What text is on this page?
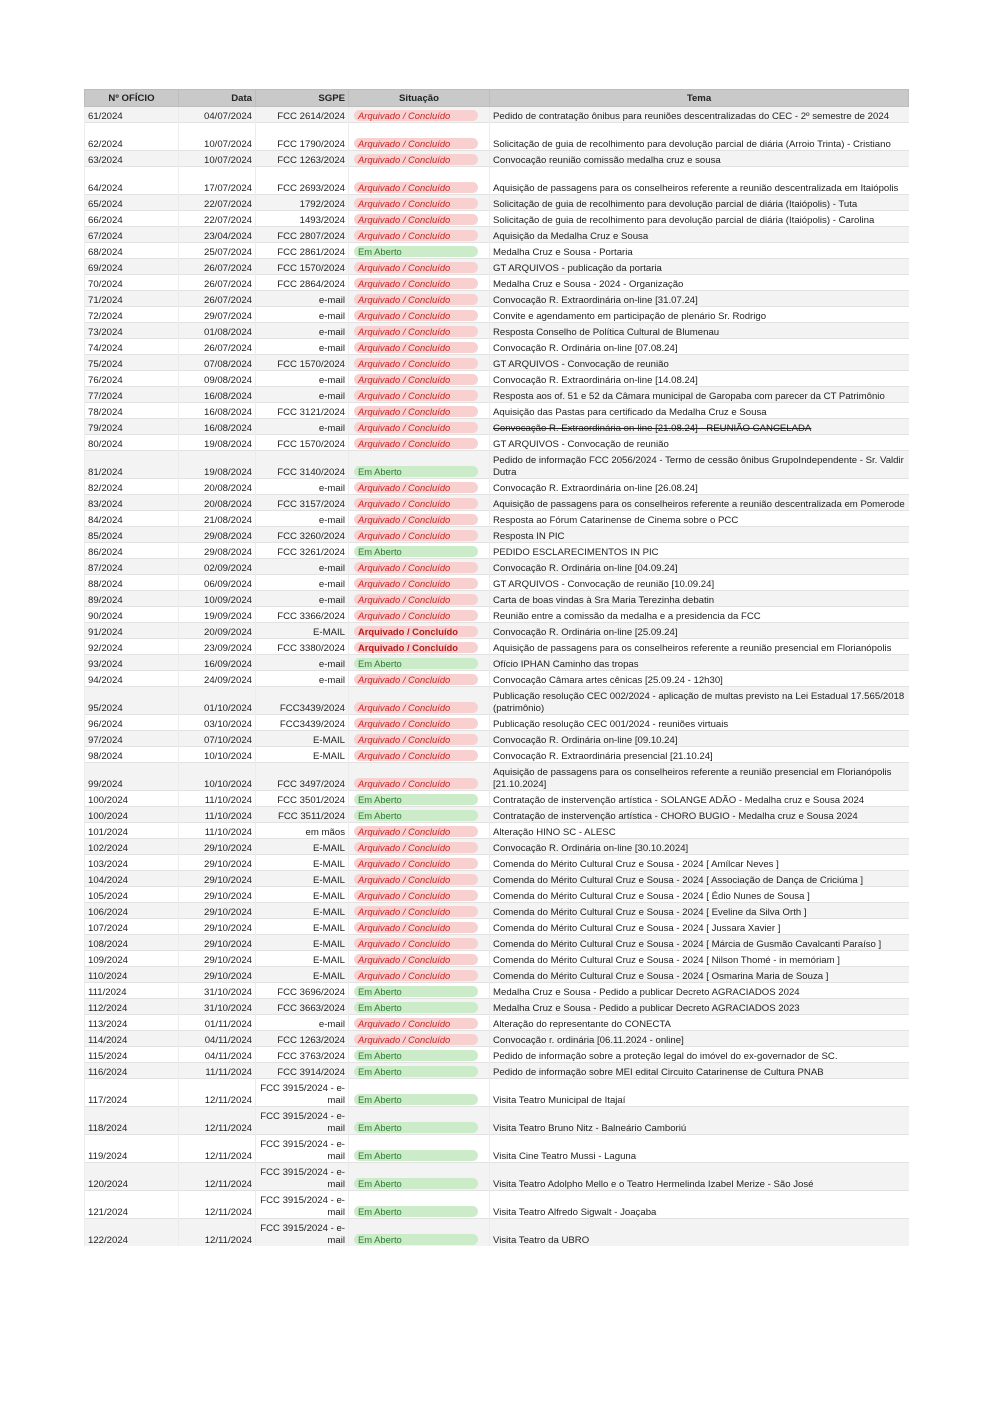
Nº OFÍCIO	Data	SGPE	Situação	Tema
61/2024	04/07/2024	FCC 2614/2024	Arquivado / Concluído	Pedido de contratação ônibus para reuniões descentralizadas do CEC - 2º semestre de 2024
62/2024	10/07/2024	FCC 1790/2024	Arquivado / Concluído	Solicitação de guia de recolhimento para devolução parcial de diária (Arroio Trinta) - Cristiano
63/2024	10/07/2024	FCC 1263/2024	Arquivado / Concluído	Convocação reunião comissão medalha cruz e sousa
64/2024	17/07/2024	FCC 2693/2024	Arquivado / Concluído	Aquisição de passagens para os conselheiros referente a reunião descentralizada em Itaiópolis
65/2024	22/07/2024	1792/2024	Arquivado / Concluído	Solicitação de guia de recolhimento para devolução parcial de diária (Itaiópolis) - Tuta
66/2024	22/07/2024	1493/2024	Arquivado / Concluído	Solicitação de guia de recolhimento para devolução parcial de diária (Itaiópolis) - Carolina
67/2024	23/04/2024	FCC 2807/2024	Arquivado / Concluído	Aquisição da Medalha Cruz e Sousa
68/2024	25/07/2024	FCC 2861/2024	Em Aberto	Medalha Cruz e Sousa - Portaria
69/2024	26/07/2024	FCC 1570/2024	Arquivado / Concluído	GT ARQUIVOS - publicação da portaria
70/2024	26/07/2024	FCC 2864/2024	Arquivado / Concluído	Medalha Cruz e Sousa - 2024 - Organização
71/2024	26/07/2024	e-mail	Arquivado / Concluído	Convocação R. Extraordinária on-line [31.07.24]
72/2024	29/07/2024	e-mail	Arquivado / Concluído	Convite e agendamento em participação de plenário Sr. Rodrigo
73/2024	01/08/2024	e-mail	Arquivado / Concluído	Resposta Conselho de Política Cultural de Blumenau
74/2024	26/07/2024	e-mail	Arquivado / Concluído	Convocação R. Ordinária on-line [07.08.24]
75/2024	07/08/2024	FCC 1570/2024	Arquivado / Concluído	GT ARQUIVOS - Convocação de reunião
76/2024	09/08/2024	e-mail	Arquivado / Concluído	Convocação R. Extraordinária on-line [14.08.24]
77/2024	16/08/2024	e-mail	Arquivado / Concluído	Resposta aos of. 51 e 52 da Câmara municipal de Garopaba com parecer da CT Patrimônio
78/2024	16/08/2024	FCC 3121/2024	Arquivado / Concluído	Aquisição das Pastas para certificado da Medalha Cruz e Sousa
79/2024	16/08/2024	e-mail	Arquivado / Concluído	Convocação R. Extraordinária on-line [21.08.24] - REUNIÃO CANCELADA
80/2024	19/08/2024	FCC 1570/2024	Arquivado / Concluído	GT ARQUIVOS - Convocação de reunião
81/2024	19/08/2024	FCC 3140/2024	Em Aberto	Pedido de informação FCC 2056/2024 - Termo de cessão ônibus GrupoIndependente - Sr. Valdir Dutra
82/2024	20/08/2024	e-mail	Arquivado / Concluído	Convocação R. Extraordinária on-line [26.08.24]
83/2024	20/08/2024	FCC 3157/2024	Arquivado / Concluído	Aquisição de passagens para os conselheiros referente a reunião descentralizada em Pomerode
84/2024	21/08/2024	e-mail	Arquivado / Concluído	Resposta ao Fórum Catarinense de Cinema sobre o PCC
85/2024	29/08/2024	FCC 3260/2024	Arquivado / Concluído	Resposta IN PIC
86/2024	29/08/2024	FCC 3261/2024	Em Aberto	PEDIDO ESCLARECIMENTOS IN PIC
87/2024	02/09/2024	e-mail	Arquivado / Concluído	Convocação R. Ordinária on-line [04.09.24]
88/2024	06/09/2024	e-mail	Arquivado / Concluído	GT ARQUIVOS - Convocação de reunião [10.09.24]
89/2024	10/09/2024	e-mail	Arquivado / Concluído	Carta de boas vindas à Sra Maria Terezinha debatin
90/2024	19/09/2024	FCC 3366/2024	Arquivado / Concluído	Reunião entre a comissão da medalha e a presidencia da FCC
91/2024	20/09/2024	E-MAIL	Arquivado / Concluído	Convocação R. Ordinária on-line [25.09.24]
92/2024	23/09/2024	FCC 3380/2024	Arquivado / Concluído	Aquisição de passagens para os conselheiros referente a reunião presencial em Florianópolis
93/2024	16/09/2024	e-mail	Em Aberto	Ofício IPHAN Caminho das tropas
94/2024	24/09/2024	e-mail	Arquivado / Concluído	Convocação Câmara artes cênicas [25.09.24 - 12h30]
95/2024	01/10/2024	FCC3439/2024	Arquivado / Concluído	Publicação resolução CEC 002/2024 - aplicação de multas previsto na Lei Estadual 17.565/2018 (patrimônio)
96/2024	03/10/2024	FCC3439/2024	Arquivado / Concluído	Publicação resolução CEC 001/2024 - reuniões virtuais
97/2024	07/10/2024	E-MAIL	Arquivado / Concluído	Convocação R. Ordinária on-line [09.10.24]
98/2024	10/10/2024	E-MAIL	Arquivado / Concluído	Convocação R. Extraordinária presencial [21.10.24]
99/2024	10/10/2024	FCC 3497/2024	Arquivado / Concluído	Aquisição de passagens para os conselheiros referente a reunião presencial em Florianópolis [21.10.2024]
100/2024	11/10/2024	FCC 3501/2024	Em Aberto	Contratação de instervenção artística - SOLANGE ADÃO - Medalha cruz e Sousa 2024
100/2024	11/10/2024	FCC 3511/2024	Em Aberto	Contratação de instervenção artística - CHORO BUGIO - Medalha cruz e Sousa 2024
101/2024	11/10/2024	em mãos	Arquivado / Concluído	Alteração HINO SC - ALESC
102/2024	29/10/2024	E-MAIL	Arquivado / Concluído	Convocação R. Ordinária on-line [30.10.2024]
103/2024	29/10/2024	E-MAIL	Arquivado / Concluído	Comenda do Mérito Cultural Cruz e Sousa - 2024 [ Amílcar Neves ]
104/2024	29/10/2024	E-MAIL	Arquivado / Concluído	Comenda do Mérito Cultural Cruz e Sousa - 2024 [ Associação de Dança de Criciúma ]
105/2024	29/10/2024	E-MAIL	Arquivado / Concluído	Comenda do Mérito Cultural Cruz e Sousa - 2024 [ Édio Nunes de Sousa ]
106/2024	29/10/2024	E-MAIL	Arquivado / Concluído	Comenda do Mérito Cultural Cruz e Sousa - 2024 [ Eveline da Silva Orth ]
107/2024	29/10/2024	E-MAIL	Arquivado / Concluído	Comenda do Mérito Cultural Cruz e Sousa - 2024 [ Jussara Xavier ]
108/2024	29/10/2024	E-MAIL	Arquivado / Concluído	Comenda do Mérito Cultural Cruz e Sousa - 2024 [ Márcia de Gusmão Cavalcanti Paraíso ]
109/2024	29/10/2024	E-MAIL	Arquivado / Concluído	Comenda do Mérito Cultural Cruz e Sousa - 2024 [ Nilson Thomé - in memóriam ]
110/2024	29/10/2024	E-MAIL	Arquivado / Concluído	Comenda do Mérito Cultural Cruz e Sousa - 2024 [ Osmarina Maria de Souza ]
111/2024	31/10/2024	FCC 3696/2024	Em Aberto	Medalha Cruz e Sousa - Pedido a publicar Decreto AGRACIADOS 2024
112/2024	31/10/2024	FCC 3663/2024	Em Aberto	Medalha Cruz e Sousa - Pedido a publicar Decreto AGRACIADOS 2023
113/2024	01/11/2024	e-mail	Arquivado / Concluído	Alteração do representante do CONECTA
114/2024	04/11/2024	FCC 1263/2024	Arquivado / Concluído	Convocação r. ordinária [06.11.2024 - online]
115/2024	04/11/2024	FCC 3763/2024	Em Aberto	Pedido de informação sobre a proteção legal do imóvel do ex-governador de SC.
116/2024	11/11/2024	FCC 3914/2024	Em Aberto	Pedido de informação sobre MEI edital Circuito Catarinense de Cultura PNAB
117/2024	12/11/2024	FCC 3915/2024 - e-mail	Em Aberto	Visita Teatro Municipal de Itajaí
118/2024	12/11/2024	FCC 3915/2024 - e-mail	Em Aberto	Visita Teatro Bruno Nitz - Balneário Camboriú
119/2024	12/11/2024	FCC 3915/2024 - e-mail	Em Aberto	Visita Cine Teatro Mussi - Laguna
120/2024	12/11/2024	FCC 3915/2024 - e-mail	Em Aberto	Visita Teatro Adolpho Mello e o Teatro Hermelinda Izabel Merize - São José
121/2024	12/11/2024	FCC 3915/2024 - e-mail	Em Aberto	Visita Teatro Alfredo Sigwalt - Joaçaba
122/2024	12/11/2024	FCC 3915/2024 - e-mail	Em Aberto	Visita Teatro da UBRO
